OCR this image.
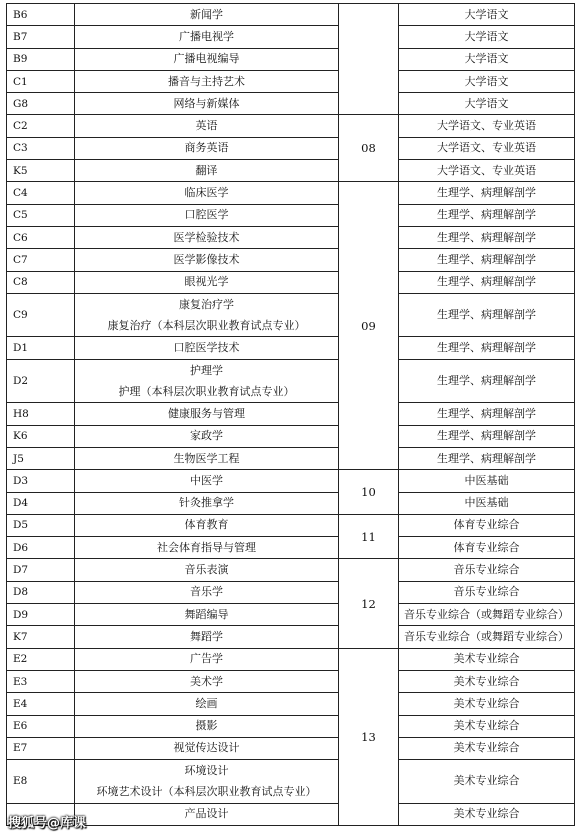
B6	新闻学		大学语文
B7	广播电视学		大学语文
B9	广播电视编导		大学语文
C1	播音与主持艺术		大学语文
G8	网络与新媒体		大学语文
C2	英语	08	大学语文、专业英语
C3	商务英语		大学语文、专业英语
K5	翻译		大学语文、专业英语
C4	临床医学	09	生理学、病理解剖学
C5	口腔医学		生理学、病理解剖学
C6	医学检验技术		生理学、病理解剖学
C7	医学影像技术		生理学、病理解剖学
C8	眼视光学		生理学、病理解剖学
C9	康复治疗学
康复治疗（本科层次职业教育试点专业）		生理学、病理解剖学
D1	口腔医学技术		生理学、病理解剖学
D2	护理学
护理（本科层次职业教育试点专业）		生理学、病理解剖学
H8	健康服务与管理		生理学、病理解剖学
K6	家政学		生理学、病理解剖学
J5	生物医学工程		生理学、病理解剖学
D3	中医学	10	中医基础
D4	针灸推拿学		中医基础
D5	体育教育	11	体育专业综合
D6	社会体育指导与管理		体育专业综合
D7	音乐表演	12	音乐专业综合
D8	音乐学		音乐专业综合
D9	舞蹈编导		音乐专业综合（或舞蹈专业综合）
K7	舞蹈学		音乐专业综合（或舞蹈专业综合）
E2	广告学	13	美术专业综合
E3	美术学		美术专业综合
E4	绘画		美术专业综合
E6	摄影		美术专业综合
E7	视觉传达设计		美术专业综合
E8	环境设计
环境艺术设计（本科层次职业教育试点专业）		美术专业综合

	产品设计		美术专业综合
搜狐号@库课
